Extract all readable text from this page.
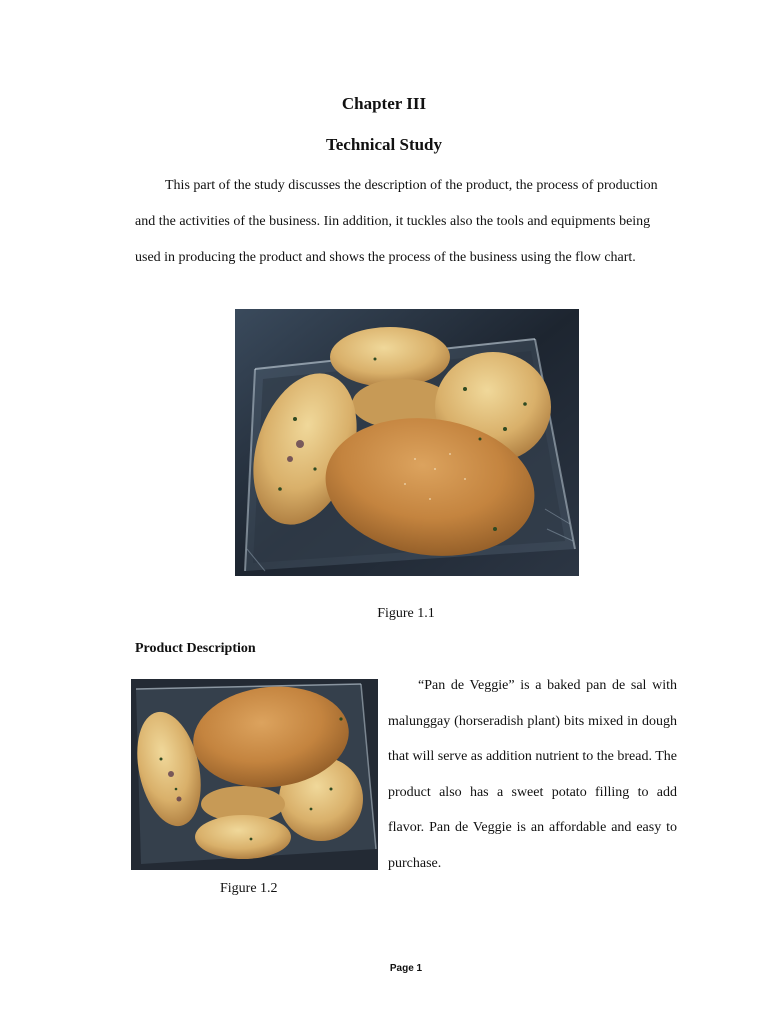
Chapter III
Technical Study

This part of the study discusses the description of the product, the process of production and the activities of the business. Iin addition, it tuckles also the tools and equipments being used in producing the product and shows the process of the business using the flow chart.

Figure 1.1
Product Description
Figure 1.2

“Pan de Veggie” is a baked pan de sal with malunggay (horseradish plant) bits mixed in dough that will serve as addition nutrient to the bread. The product also has a sweet potato filling to add flavor. Pan de Veggie is an affordable and easy to purchase.

Page 1
